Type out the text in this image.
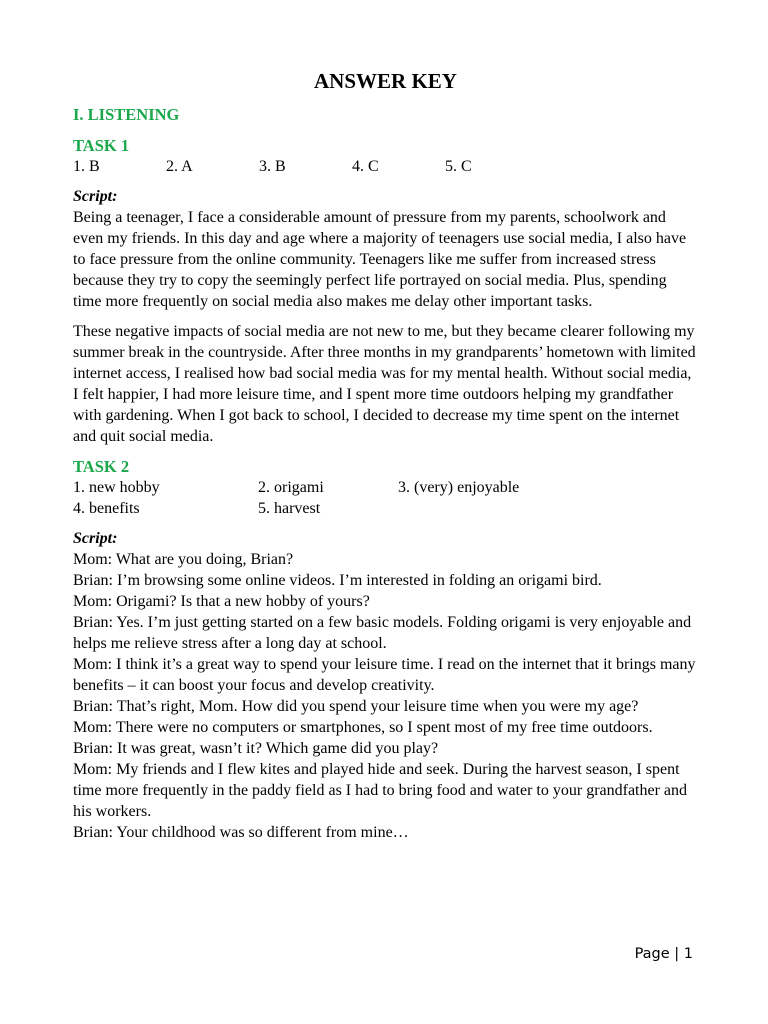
ANSWER KEY
I. LISTENING
TASK 1
1. B	2. A	3. B	4. C	5. C
Script:

Being a teenager, I face a considerable amount of pressure from my parents, schoolwork and even my friends. In this day and age where a majority of teenagers use social media, I also have to face pressure from the online community. Teenagers like me suffer from increased stress because they try to copy the seemingly perfect life portrayed on social media. Plus, spending time more frequently on social media also makes me delay other important tasks.

These negative impacts of social media are not new to me, but they became clearer following my summer break in the countryside. After three months in my grandparents’ hometown with limited internet access, I realised how bad social media was for my mental health. Without social media, I felt happier, I had more leisure time, and I spent more time outdoors helping my grandfather with gardening. When I got back to school, I decided to decrease my time spent on the internet and quit social media.

TASK 2
1. new hobby	2. origami	3. (very) enjoyable
4. benefits	5. harvest
Script:

Mom: What are you doing, Brian?

Brian: I’m browsing some online videos. I’m interested in folding an origami bird.

Mom: Origami? Is that a new hobby of yours?

Brian: Yes. I’m just getting started on a few basic models. Folding origami is very enjoyable and helps me relieve stress after a long day at school.

Mom: I think it’s a great way to spend your leisure time. I read on the internet that it brings many benefits – it can boost your focus and develop creativity.

Brian: That’s right, Mom. How did you spend your leisure time when you were my age?

Mom: There were no computers or smartphones, so I spent most of my free time outdoors.

Brian: It was great, wasn’t it? Which game did you play?

Mom: My friends and I flew kites and played hide and seek. During the harvest season, I spent time more frequently in the paddy field as I had to bring food and water to your grandfather and his workers.

Brian: Your childhood was so different from mine…

Page | 1
